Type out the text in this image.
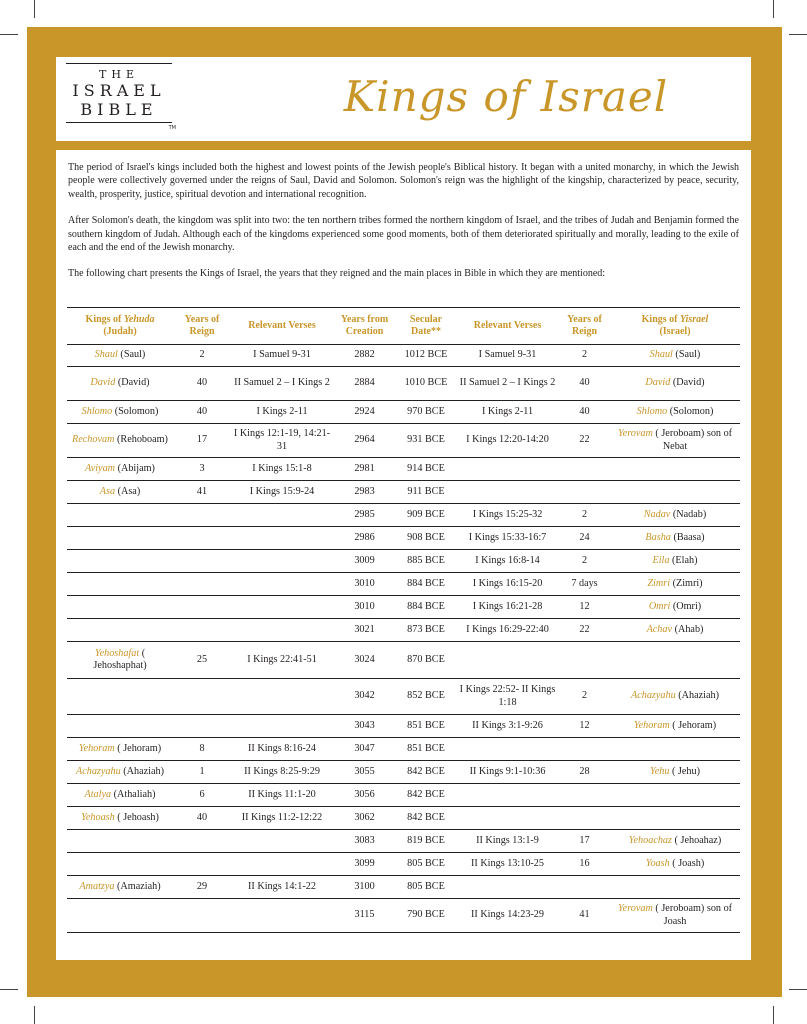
THE
ISRAEL
BIBLE
TM
Kings of Israel

The period of Israel's kings included both the highest and lowest points of the Jewish people's Biblical history. It began with a united monarchy, in which the Jewish people were collectively governed under the reigns of Saul, David and Solomon. Solomon's reign was the highlight of the kingship, characterized by peace, security, wealth, prosperity, justice, spiritual devotion and international recognition.

After Solomon's death, the kingdom was split into two: the ten northern tribes formed the northern kingdom of Israel, and the tribes of Judah and Benjamin formed the southern kingdom of Judah. Although each of the kingdoms experienced some good moments, both of them deteriorated spiritually and morally, leading to the exile of each and the end of the Jewish monarchy.

The following chart presents the Kings of Israel, the years that they reigned and the main places in Bible in which they are mentioned:

Kings of Yehuda
(Judah)	Years of Reign	Relevant Verses	Years from Creation	Secular Date**	Relevant Verses	Years of Reign	Kings of Yisrael
(Israel)
Shaul (Saul)	2	I Samuel 9-31	2882	1012 BCE	I Samuel 9-31	2	Shaul (Saul)
David (David)	40	II Samuel 2 – I Kings 2	2884	1010 BCE	II Samuel 2 – I Kings 2	40	David (David)
Shlomo (Solomon)	40	I Kings 2-11	2924	970 BCE	I Kings 2-11	40	Shlomo (Solomon)
Rechovam (Rehoboam)	17	I Kings 12:1-19, 14:21-31	2964	931 BCE	I Kings 12:20-14:20	22	Yerovam ( Jeroboam) son of Nebat
Aviyam (Abijam)	3	I Kings 15:1-8	2981	914 BCE			
Asa (Asa)	41	I Kings 15:9-24	2983	911 BCE			
			2985	909 BCE	I Kings 15:25-32	2	Nadav (Nadab)
			2986	908 BCE	I Kings 15:33-16:7	24	Basha (Baasa)
			3009	885 BCE	I Kings 16:8-14	2	Eila (Elah)
			3010	884 BCE	I Kings 16:15-20	7 days	Zimri (Zimri)
			3010	884 BCE	I Kings 16:21-28	12	Omri (Omri)
			3021	873 BCE	I Kings 16:29-22:40	22	Achav (Ahab)
Yehoshafat ( Jehoshaphat)	25	I Kings 22:41-51	3024	870 BCE			
			3042	852 BCE	I Kings 22:52- II Kings 1:18	2	Achazyahu (Ahaziah)
			3043	851 BCE	II Kings 3:1-9:26	12	Yehoram ( Jehoram)
Yehoram ( Jehoram)	8	II Kings 8:16-24	3047	851 BCE			
Achazyahu (Ahaziah)	1	II Kings 8:25-9:29	3055	842 BCE	II Kings 9:1-10:36	28	Yehu ( Jehu)
Atalya (Athaliah)	6	II Kings 11:1-20	3056	842 BCE			
Yehoash ( Jehoash)	40	II Kings 11:2-12:22	3062	842 BCE			
			3083	819 BCE	II Kings 13:1-9	17	Yehoachaz ( Jehoahaz)
			3099	805 BCE	II Kings 13:10-25	16	Yoash ( Joash)
Amatzya (Amaziah)	29	II Kings 14:1-22	3100	805 BCE			
			3115	790 BCE	II Kings 14:23-29	41	Yerovam ( Jeroboam) son of Joash
